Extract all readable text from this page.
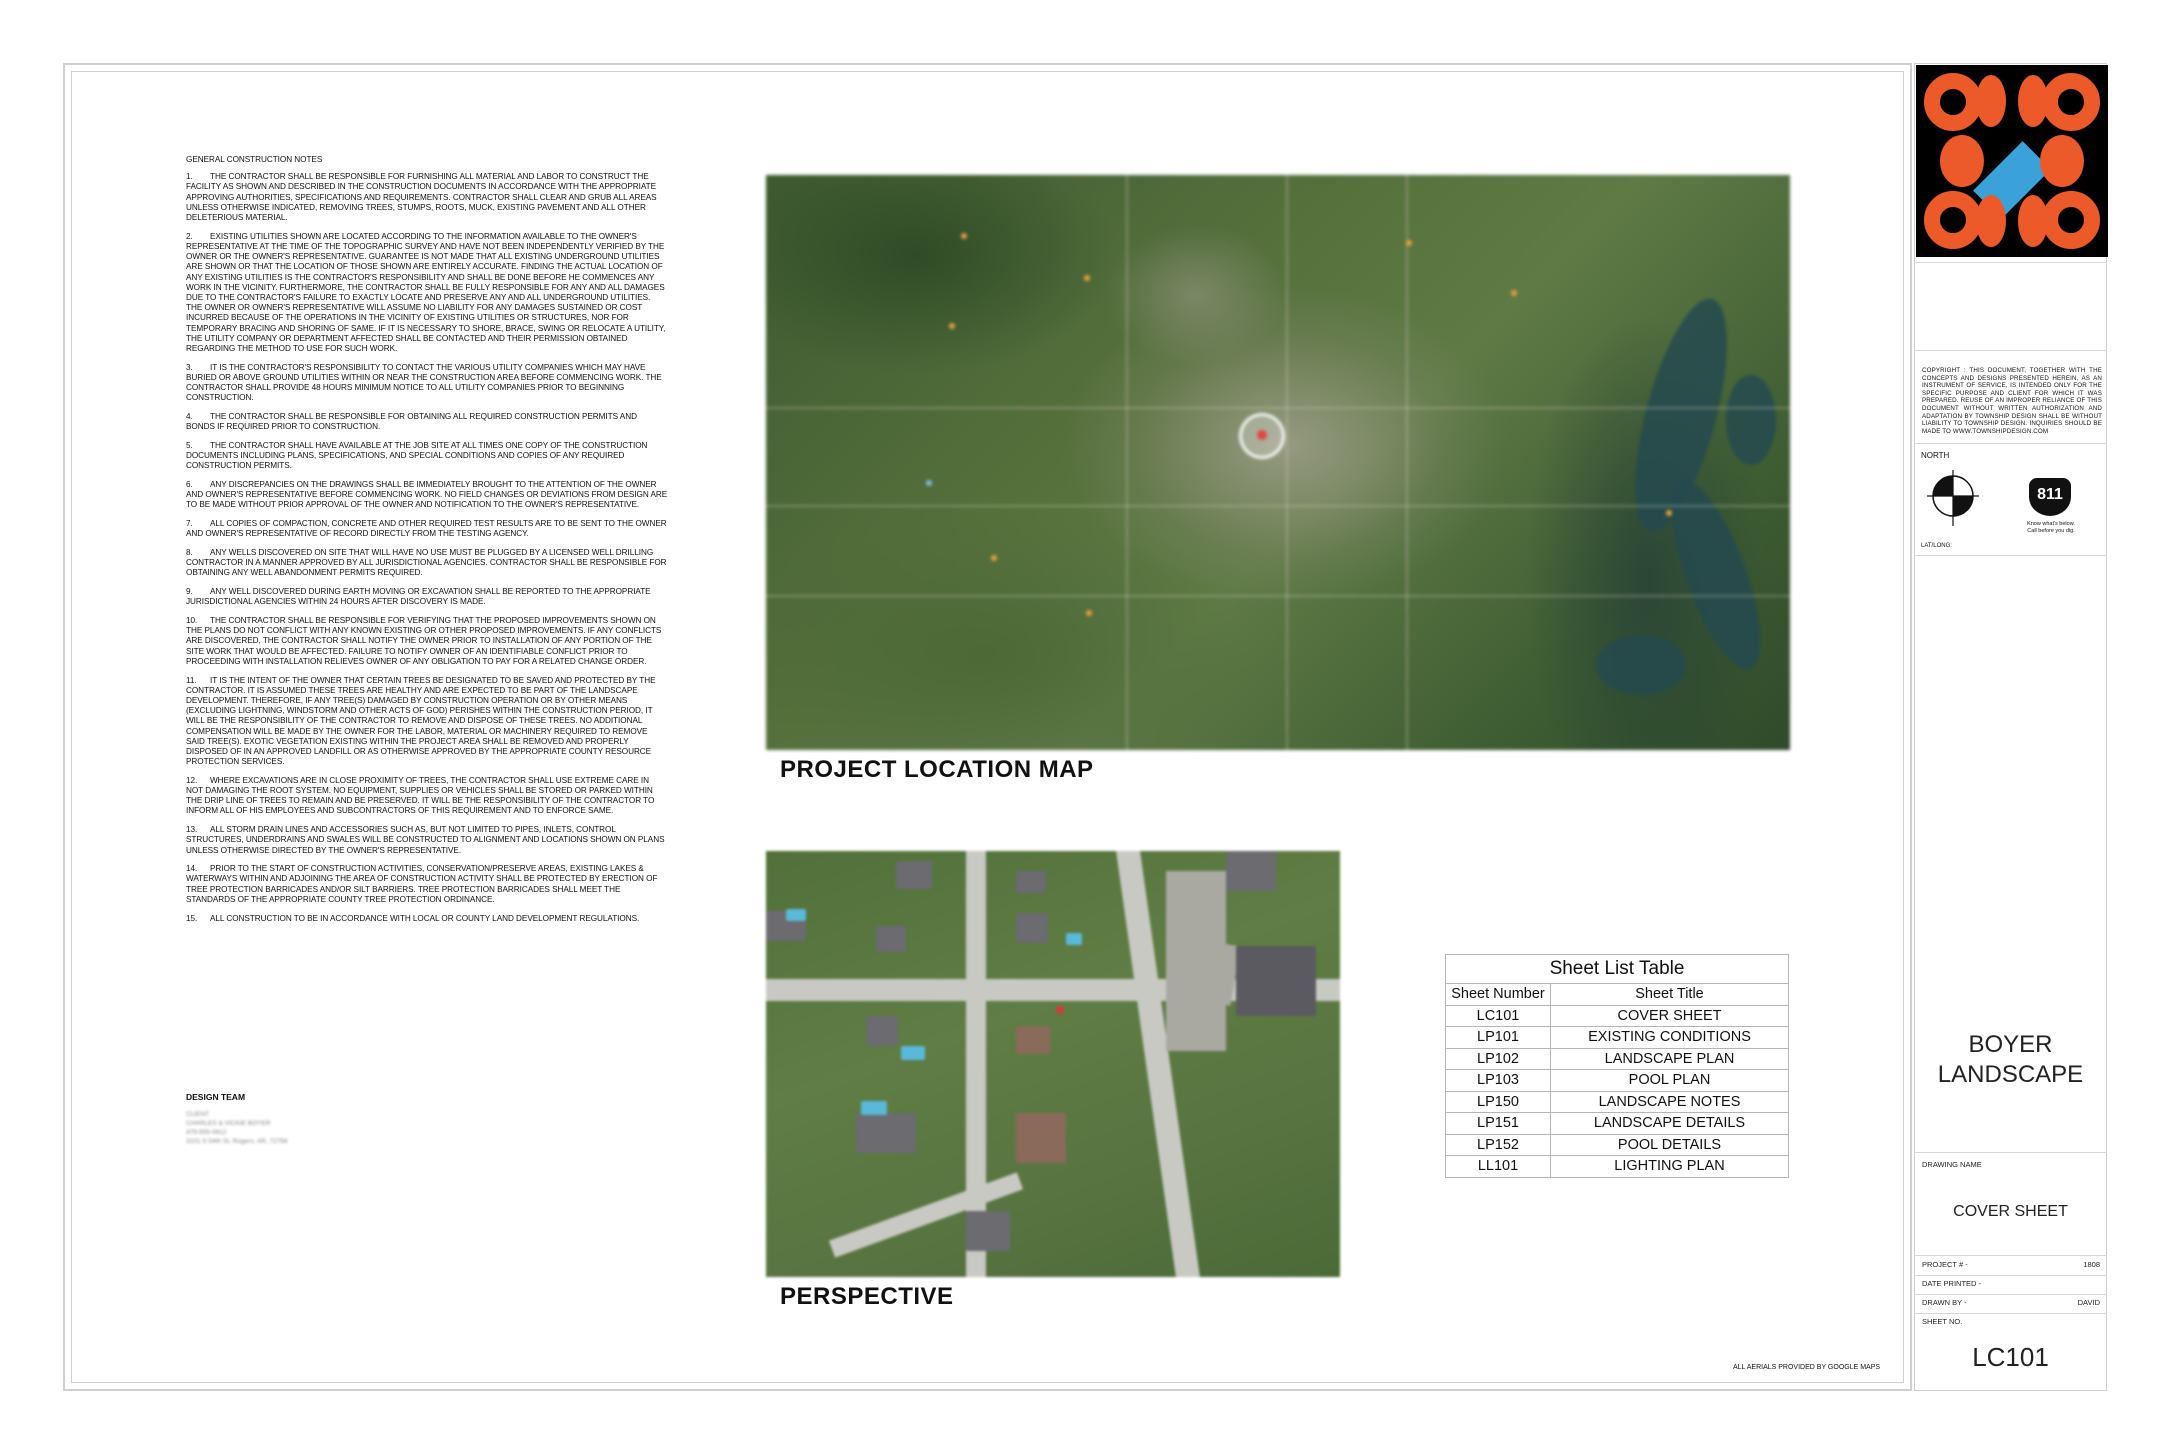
GENERAL CONSTRUCTION NOTES
1. THE CONTRACTOR SHALL BE RESPONSIBLE FOR FURNISHING ALL MATERIAL AND LABOR TO CONSTRUCT THE FACILITY AS SHOWN AND DESCRIBED IN THE CONSTRUCTION DOCUMENTS IN ACCORDANCE WITH THE APPROPRIATE APPROVING AUTHORITIES, SPECIFICATIONS AND REQUIREMENTS. CONTRACTOR SHALL CLEAR AND GRUB ALL AREAS UNLESS OTHERWISE INDICATED, REMOVING TREES, STUMPS, ROOTS, MUCK, EXISTING PAVEMENT AND ALL OTHER DELETERIOUS MATERIAL.
2. EXISTING UTILITIES SHOWN ARE LOCATED ACCORDING TO THE INFORMATION AVAILABLE TO THE OWNER'S REPRESENTATIVE AT THE TIME OF THE TOPOGRAPHIC SURVEY AND HAVE NOT BEEN INDEPENDENTLY VERIFIED BY THE OWNER OR THE OWNER'S REPRESENTATIVE. GUARANTEE IS NOT MADE THAT ALL EXISTING UNDERGROUND UTILITIES ARE SHOWN OR THAT THE LOCATION OF THOSE SHOWN ARE ENTIRELY ACCURATE. FINDING THE ACTUAL LOCATION OF ANY EXISTING UTILITIES IS THE CONTRACTOR'S RESPONSIBILITY AND SHALL BE DONE BEFORE HE COMMENCES ANY WORK IN THE VICINITY. FURTHERMORE, THE CONTRACTOR SHALL BE FULLY RESPONSIBLE FOR ANY AND ALL DAMAGES DUE TO THE CONTRACTOR'S FAILURE TO EXACTLY LOCATE AND PRESERVE ANY AND ALL UNDERGROUND UTILITIES. THE OWNER OR OWNER'S REPRESENTATIVE WILL ASSUME NO LIABILITY FOR ANY DAMAGES SUSTAINED OR COST INCURRED BECAUSE OF THE OPERATIONS IN THE VICINITY OF EXISTING UTILITIES OR STRUCTURES, NOR FOR TEMPORARY BRACING AND SHORING OF SAME. IF IT IS NECESSARY TO SHORE, BRACE, SWING OR RELOCATE A UTILITY, THE UTILITY COMPANY OR DEPARTMENT AFFECTED SHALL BE CONTACTED AND THEIR PERMISSION OBTAINED REGARDING THE METHOD TO USE FOR SUCH WORK.
3. IT IS THE CONTRACTOR'S RESPONSIBILITY TO CONTACT THE VARIOUS UTILITY COMPANIES WHICH MAY HAVE BURIED OR ABOVE GROUND UTILITIES WITHIN OR NEAR THE CONSTRUCTION AREA BEFORE COMMENCING WORK. THE CONTRACTOR SHALL PROVIDE 48 HOURS MINIMUM NOTICE TO ALL UTILITY COMPANIES PRIOR TO BEGINNING CONSTRUCTION.
4. THE CONTRACTOR SHALL BE RESPONSIBLE FOR OBTAINING ALL REQUIRED CONSTRUCTION PERMITS AND BONDS IF REQUIRED PRIOR TO CONSTRUCTION.
5. THE CONTRACTOR SHALL HAVE AVAILABLE AT THE JOB SITE AT ALL TIMES ONE COPY OF THE CONSTRUCTION DOCUMENTS INCLUDING PLANS, SPECIFICATIONS, AND SPECIAL CONDITIONS AND COPIES OF ANY REQUIRED CONSTRUCTION PERMITS.
6. ANY DISCREPANCIES ON THE DRAWINGS SHALL BE IMMEDIATELY BROUGHT TO THE ATTENTION OF THE OWNER AND OWNER'S REPRESENTATIVE BEFORE COMMENCING WORK. NO FIELD CHANGES OR DEVIATIONS FROM DESIGN ARE TO BE MADE WITHOUT PRIOR APPROVAL OF THE OWNER AND NOTIFICATION TO THE OWNER'S REPRESENTATIVE.
7. ALL COPIES OF COMPACTION, CONCRETE AND OTHER REQUIRED TEST RESULTS ARE TO BE SENT TO THE OWNER AND OWNER'S REPRESENTATIVE OF RECORD DIRECTLY FROM THE TESTING AGENCY.
8. ANY WELLS DISCOVERED ON SITE THAT WILL HAVE NO USE MUST BE PLUGGED BY A LICENSED WELL DRILLING CONTRACTOR IN A MANNER APPROVED BY ALL JURISDICTIONAL AGENCIES. CONTRACTOR SHALL BE RESPONSIBLE FOR OBTAINING ANY WELL ABANDONMENT PERMITS REQUIRED.
9. ANY WELL DISCOVERED DURING EARTH MOVING OR EXCAVATION SHALL BE REPORTED TO THE APPROPRIATE JURISDICTIONAL AGENCIES WITHIN 24 HOURS AFTER DISCOVERY IS MADE.
10. THE CONTRACTOR SHALL BE RESPONSIBLE FOR VERIFYING THAT THE PROPOSED IMPROVEMENTS SHOWN ON THE PLANS DO NOT CONFLICT WITH ANY KNOWN EXISTING OR OTHER PROPOSED IMPROVEMENTS. IF ANY CONFLICTS ARE DISCOVERED, THE CONTRACTOR SHALL NOTIFY THE OWNER PRIOR TO INSTALLATION OF ANY PORTION OF THE SITE WORK THAT WOULD BE AFFECTED. FAILURE TO NOTIFY OWNER OF AN IDENTIFIABLE CONFLICT PRIOR TO PROCEEDING WITH INSTALLATION RELIEVES OWNER OF ANY OBLIGATION TO PAY FOR A RELATED CHANGE ORDER.
11. IT IS THE INTENT OF THE OWNER THAT CERTAIN TREES BE DESIGNATED TO BE SAVED AND PROTECTED BY THE CONTRACTOR. IT IS ASSUMED THESE TREES ARE HEALTHY AND ARE EXPECTED TO BE PART OF THE LANDSCAPE DEVELOPMENT. THEREFORE, IF ANY TREE(S) DAMAGED BY CONSTRUCTION OPERATION OR BY OTHER MEANS (EXCLUDING LIGHTNING, WINDSTORM AND OTHER ACTS OF GOD) PERISHES WITHIN THE CONSTRUCTION PERIOD, IT WILL BE THE RESPONSIBILITY OF THE CONTRACTOR TO REMOVE AND DISPOSE OF THESE TREES. NO ADDITIONAL COMPENSATION WILL BE MADE BY THE OWNER FOR THE LABOR, MATERIAL OR MACHINERY REQUIRED TO REMOVE SAID TREE(S). EXOTIC VEGETATION EXISTING WITHIN THE PROJECT AREA SHALL BE REMOVED AND PROPERLY DISPOSED OF IN AN APPROVED LANDFILL OR AS OTHERWISE APPROVED BY THE APPROPRIATE COUNTY RESOURCE PROTECTION SERVICES.
12. WHERE EXCAVATIONS ARE IN CLOSE PROXIMITY OF TREES, THE CONTRACTOR SHALL USE EXTREME CARE IN NOT DAMAGING THE ROOT SYSTEM. NO EQUIPMENT, SUPPLIES OR VEHICLES SHALL BE STORED OR PARKED WITHIN THE DRIP LINE OF TREES TO REMAIN AND BE PRESERVED. IT WILL BE THE RESPONSIBILITY OF THE CONTRACTOR TO INFORM ALL OF HIS EMPLOYEES AND SUBCONTRACTORS OF THIS REQUIREMENT AND TO ENFORCE SAME.
13. ALL STORM DRAIN LINES AND ACCESSORIES SUCH AS, BUT NOT LIMITED TO PIPES, INLETS, CONTROL STRUCTURES, UNDERDRAINS AND SWALES WILL BE CONSTRUCTED TO ALIGNMENT AND LOCATIONS SHOWN ON PLANS UNLESS OTHERWISE DIRECTED BY THE OWNER'S REPRESENTATIVE.
14. PRIOR TO THE START OF CONSTRUCTION ACTIVITIES, CONSERVATION/PRESERVE AREAS, EXISTING LAKES & WATERWAYS WITHIN AND ADJOINING THE AREA OF CONSTRUCTION ACTIVITY SHALL BE PROTECTED BY ERECTION OF TREE PROTECTION BARRICADES AND/OR SILT BARRIERS. TREE PROTECTION BARRICADES SHALL MEET THE STANDARDS OF THE APPROPRIATE COUNTY TREE PROTECTION ORDINANCE.
15. ALL CONSTRUCTION TO BE IN ACCORDANCE WITH LOCAL OR COUNTY LAND DEVELOPMENT REGULATIONS.
DESIGN TEAM
CLIENT
CHARLES & VICKIE BOYER
479-555-0812
3101 S 54th St, Rogers, AR, 72758
PROJECT LOCATION MAP
PERSPECTIVE
Sheet List Table	
Sheet Number	Sheet Title
LC101	COVER SHEET
LP101	EXISTING CONDITIONS
LP102	LANDSCAPE PLAN
LP103	POOL PLAN
LP150	LANDSCAPE NOTES
LP151	LANDSCAPE DETAILS
LP152	POOL DETAILS
LL101	LIGHTING PLAN
ALL AERIALS PROVIDED BY GOOGLE MAPS
COPYRIGHT : THIS DOCUMENT, TOGETHER WITH THE CONCEPTS AND DESIGNS PRESENTED HEREIN, AS AN INSTRUMENT OF SERVICE, IS INTENDED ONLY FOR THE SPECIFIC PURPOSE AND CLIENT FOR WHICH IT WAS PREPARED. REUSE OF AN IMPROPER RELIANCE OF THIS DOCUMENT WITHOUT WRITTEN AUTHORIZATION AND ADAPTATION BY TOWNSHIP DESIGN SHALL BE WITHOUT LIABILITY TO TOWNSHIP DESIGN. INQUIRIES SHOULD BE MADE TO WWW.TOWNSHIPDESIGN.COM
NORTH
LAT/LONG:
811
Know what's below.
Call before you dig.
BOYER
LANDSCAPE
DRAWING NAME
COVER SHEET
PROJECT # -	1808
DATE PRINTED -
DRAWN BY -	DAVID
SHEET NO.
LC101
